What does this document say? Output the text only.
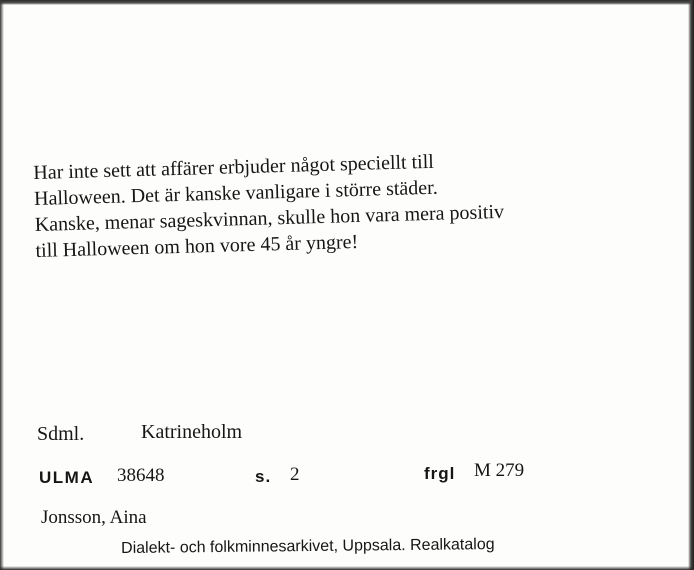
Har inte sett att affärer erbjuder något speciellt till
Halloween. Det är kanske vanligare i större städer.
Kanske, menar sageskvinnan, skulle hon vara mera positiv
till Halloween om hon vore 45 år yngre!

Sdml.	Katrineholm
ULMA 38648	s. 2	frgl M 279
Jonsson, Aina
Dialekt- och folkminnesarkivet, Uppsala. Realkatalog
